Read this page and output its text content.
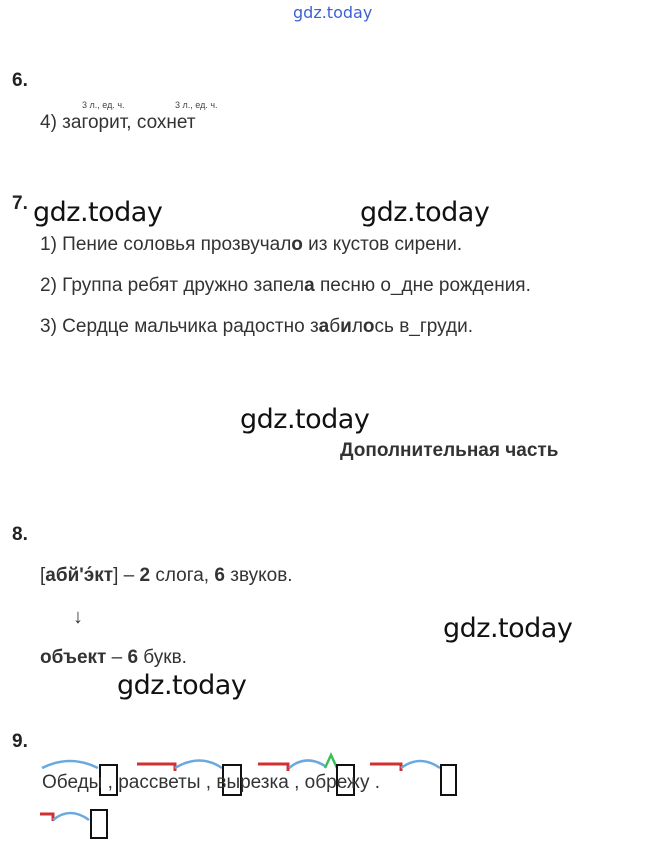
gdz.today
6.
3 л., ед. ч.	3 л., ед. ч.
4) загорит, сохнет
7. gdz.today	gdz.today
1) Пение соловья прозвучало из кустов сирени.
2) Группа ребят дружно запела песню о_дне рождения.
3) Сердце мальчика радостно забилось в_груди.
gdz.today
Дополнительная часть
8.
[абй'э́кт] – 2 слога, 6 звуков.
↓	gdz.today
объект – 6 букв.
gdz.today
9.
Обеды , рассветы , вырезка , обрежу .
